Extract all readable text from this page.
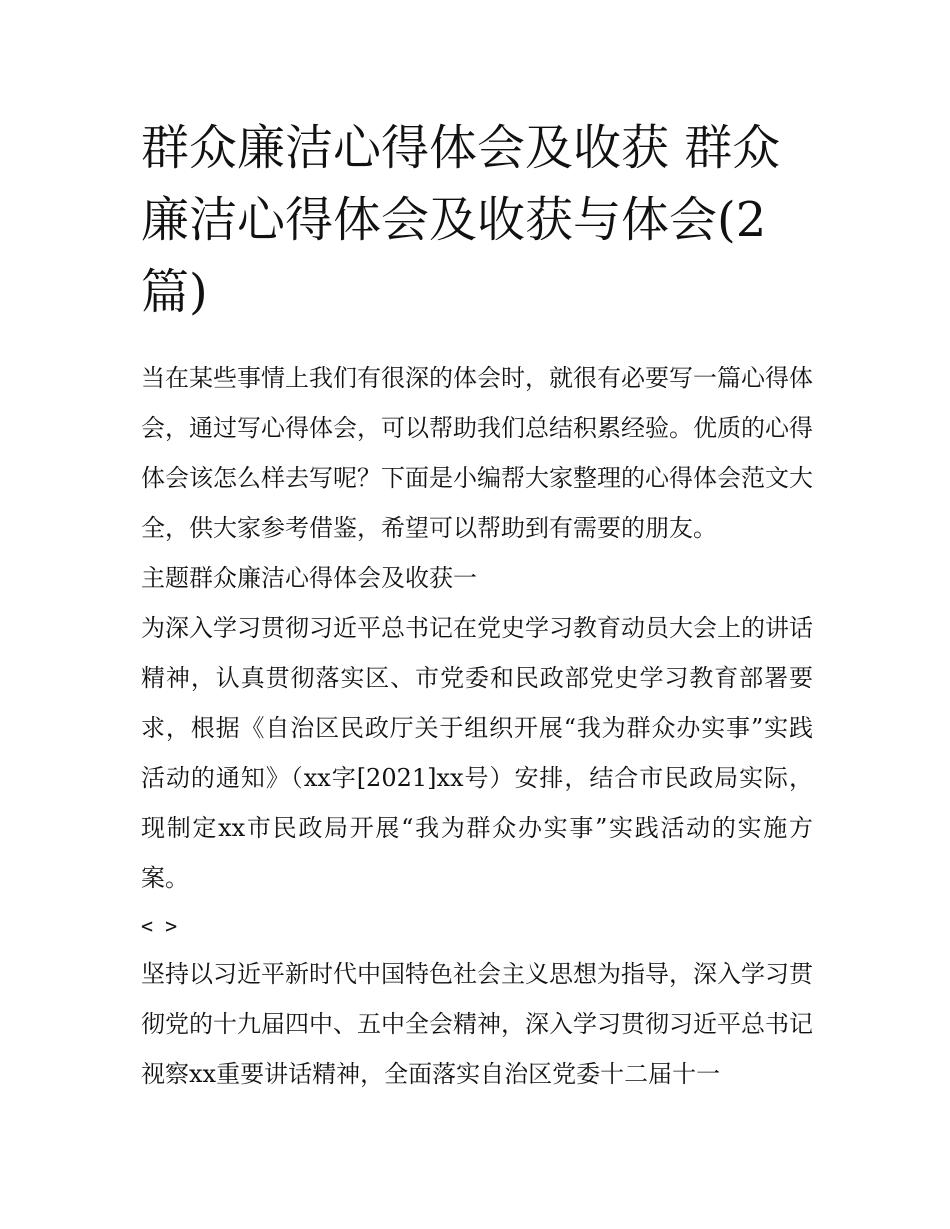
群众廉洁心得体会及收获 群众廉洁心得体会及收获与体会(2篇)

当在某些事情上我们有很深的体会时，就很有必要写一篇心得体会，通过写心得体会，可以帮助我们总结积累经验。优质的心得体会该怎么样去写呢？下面是小编帮大家整理的心得体会范文大全，供大家参考借鉴，希望可以帮助到有需要的朋友。

主题群众廉洁心得体会及收获一

为深入学习贯彻习近平总书记在党史学习教育动员大会上的讲话精神，认真贯彻落实区、市党委和民政部党史学习教育部署要求，根据《自治区民政厅关于组织开展“我为群众办实事”实践活动的通知》（xx字[2021]xx号）安排，结合市民政局实际，现制定xx市民政局开展“我为群众办实事”实践活动的实施方案。

< >

坚持以习近平新时代中国特色社会主义思想为指导，深入学习贯彻党的十九届四中、五中全会精神，深入学习贯彻习近平总书记视察xx重要讲话精神，全面落实自治区党委十二届十一
